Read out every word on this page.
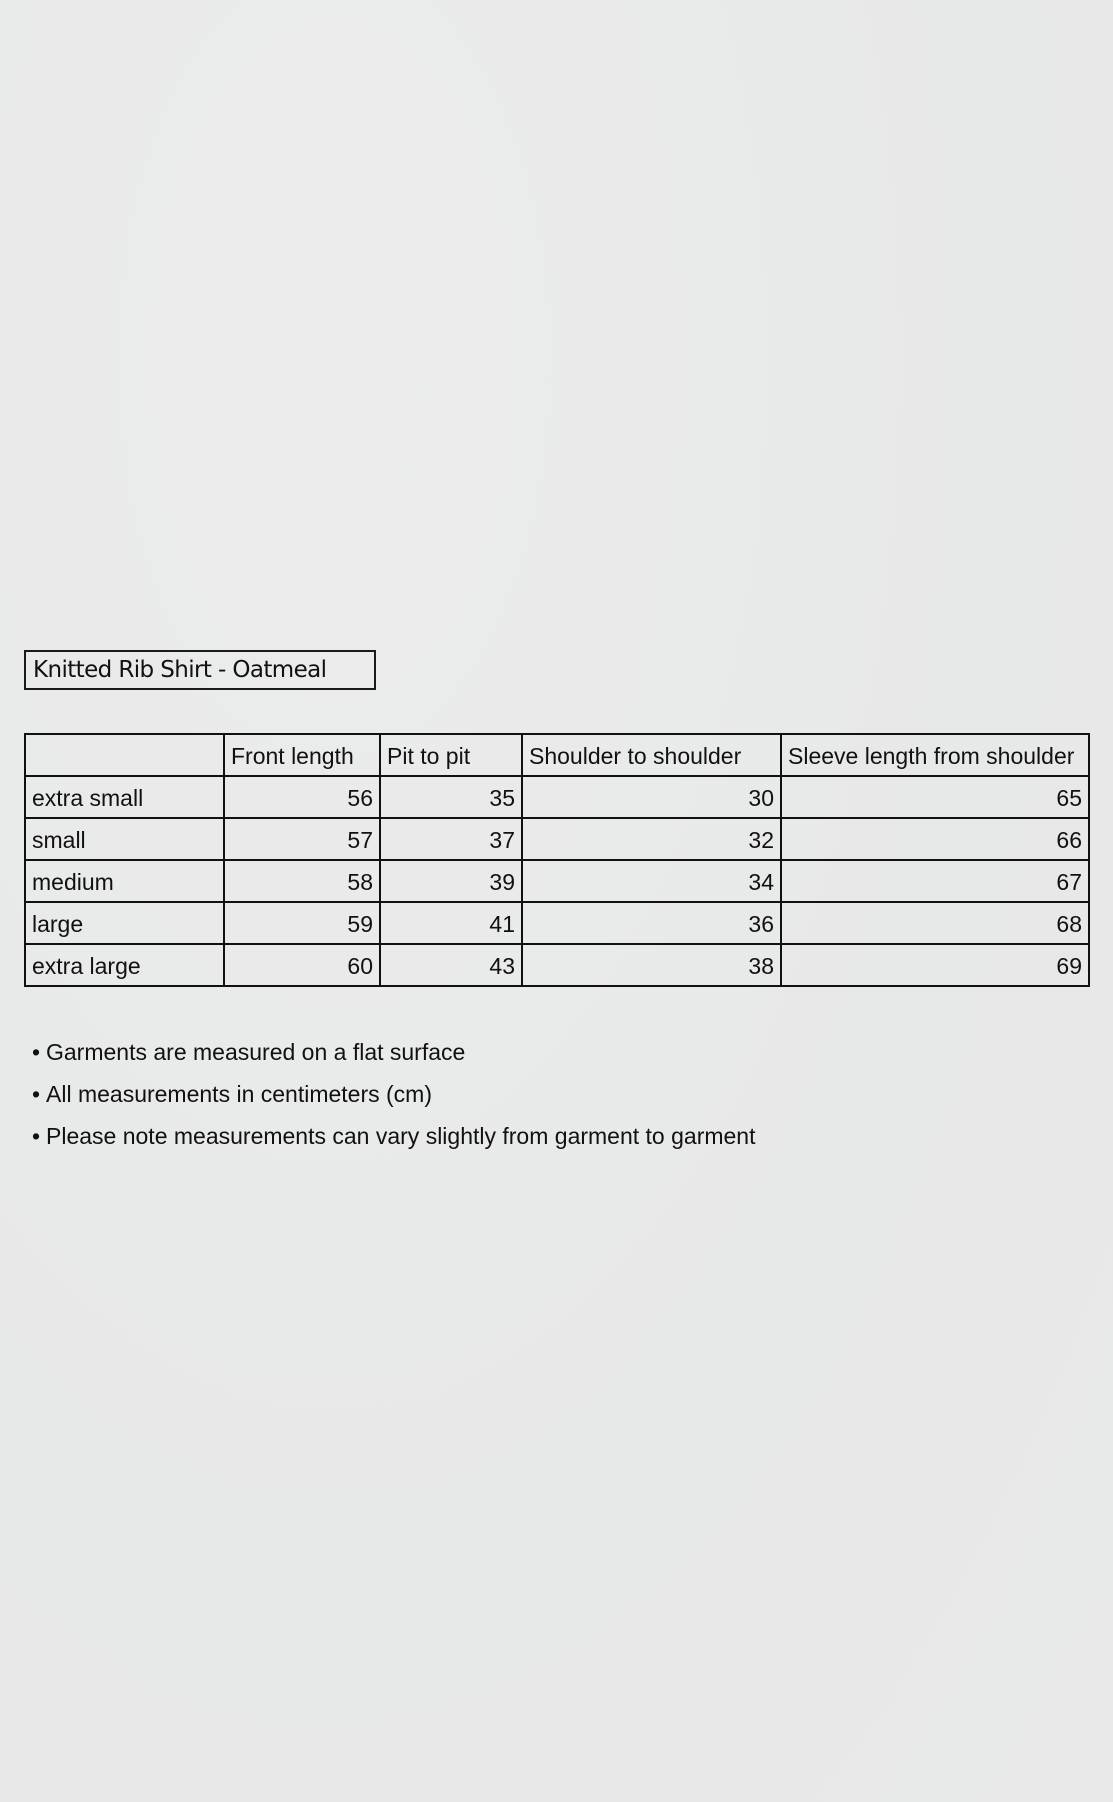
Knitted Rib Shirt - Oatmeal
	Front length	Pit to pit	Shoulder to shoulder	Sleeve length from shoulder
extra small	56	35	30	65
small	57	37	32	66
medium	58	39	34	67
large	59	41	36	68
extra large	60	43	38	69
• Garments are measured on a flat surface
• All measurements in centimeters (cm)
• Please note measurements can vary slightly from garment to garment
